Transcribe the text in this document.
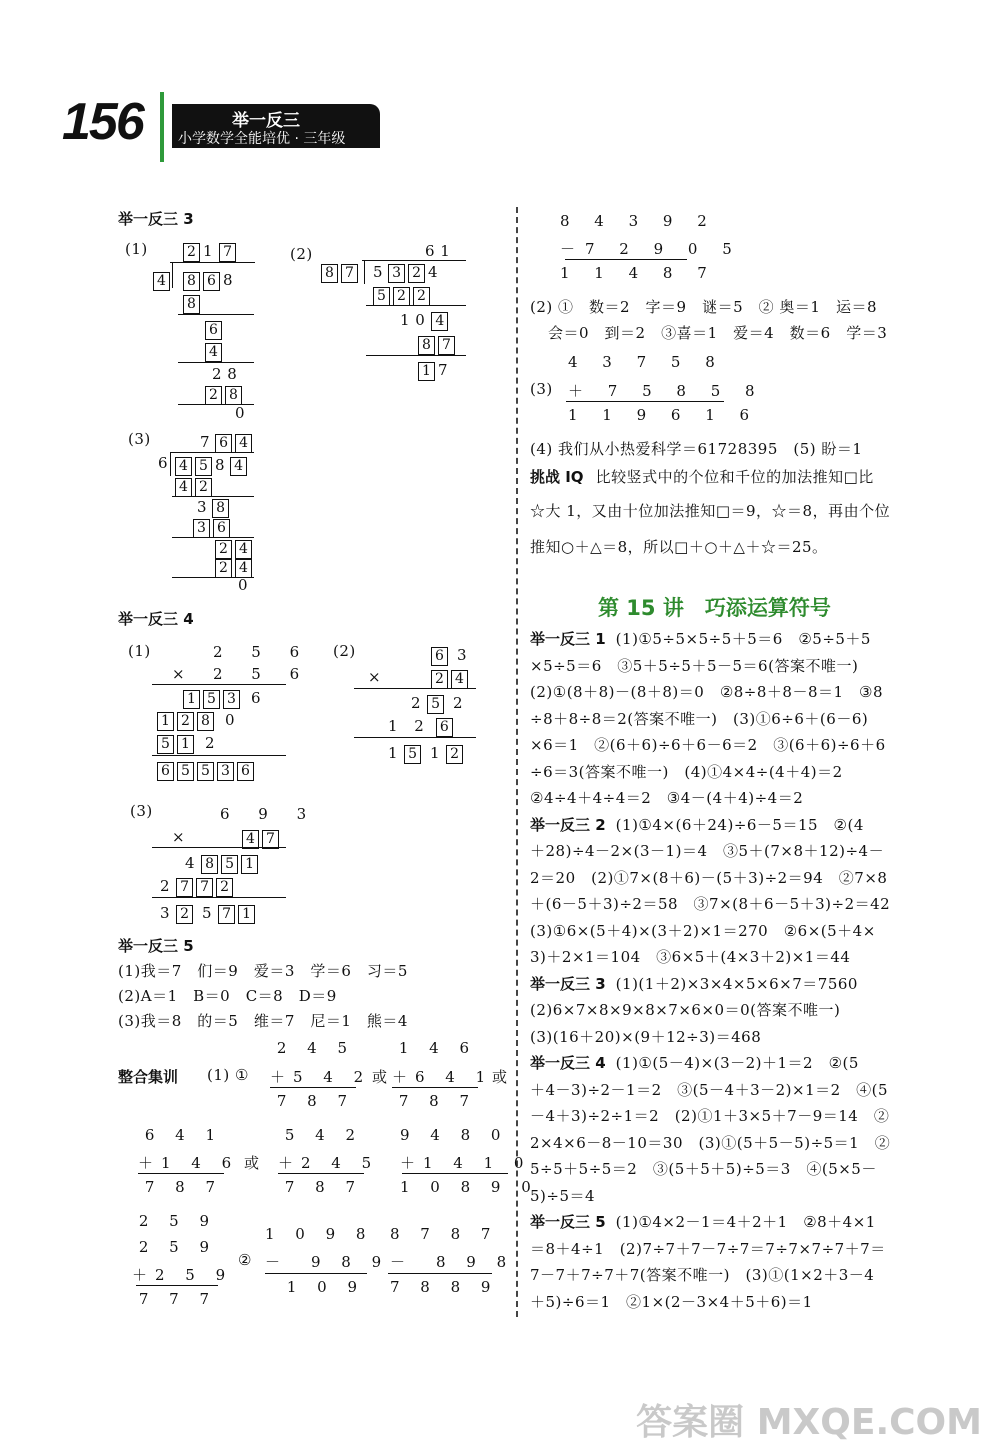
156	举一反三
小学数学全能培优 · 三年级
举一反三 3
(1)	2 1 7
4	8 6 8
8
6
4
2 8
2 8
0
(2)	6 1
8 7	5 3 2 4
5 2 2
1 0 4
8 7
1 7
(3)	7 6 4
6 4 5 8 4
4 2
3 8
3 6
2 4
2 4
0
举一反三 4
(1)	2 5 6
× 2 5 6
1 5 3 6
1 2 8 0
5 1 2
6 5 5 3 6
(2)	6 3
×	2 4
2 5 2
1 2 6
1 5 1 2
(3)	6 9 3
×	4 7
4 8 5 1
2 7 7 2
3 2 5 7 1
举一反三 5
(1)我＝7　们＝9　爱＝3　学＝6　习＝5
(2)A＝1　B＝0　C＝8　D＝9
(3)我＝8　的＝5　维＝7　尼＝1　熊＝4
整合集训 (1) ①
2 4 5
＋5 4 2
7 8 7
或
1 4 6
＋6 4 1
7 8 7
或
6 4 1
＋1 4 6
7 8 7
或
5 4 2
＋2 4 5
7 8 7
9 4 8 0
＋1 4 1 0
1 0 8 9 0
2 5 9
2 5 9
＋2 5 9
7 7 7
②
1 0 9 8
－　9 8 9
1 0 9
8 7 8 7
－　8 9 8
7 8 8 9
8 4 3 9 2
－7 2 9 0 5
1 1 4 8 7
(2) ①　数＝2　字＝9　谜＝5　② 奥＝1　运＝8
会＝0　到＝2　③喜＝1　爱＝4　数＝6　学＝3
(3)
4 3 7 5 8
＋ 7 5 8 5 8
1 1 9 6 1 6
(4) 我们从小热爱科学＝61728395　(5) 盼＝1
挑战 IQ 比较竖式中的个位和千位的加法推知□比
☆大 1，又由十位加法推知□＝9，☆＝8，再由个位
推知○＋△＝8，所以□＋○＋△＋☆＝25。
第 15 讲　巧添运算符号
举一反三 1 (1)①5÷5×5÷5＋5＝6　②5÷5＋5
×5÷5＝6　③5＋5÷5＋5－5＝6(答案不唯一)
(2)①(8＋8)－(8＋8)＝0　②8÷8＋8－8＝1　③8
÷8＋8÷8＝2(答案不唯一)　(3)①6÷6＋(6－6)
×6＝1　②(6＋6)÷6＋6－6＝2　③(6＋6)÷6＋6
÷6＝3(答案不唯一)　(4)①4×4÷(4＋4)＝2
②4÷4＋4÷4＝2　③4－(4＋4)÷4＝2
举一反三 2 (1)①4×(6＋24)÷6－5＝15　②(4
＋28)÷4－2×(3－1)＝4　③5＋(7×8＋12)÷4－
2＝20　(2)①7×(8＋6)－(5＋3)÷2＝94　②7×8
＋(6－5＋3)÷2＝58　③7×(8＋6－5＋3)÷2＝42
(3)①6×(5＋4)×(3＋2)×1＝270　②6×(5＋4×
3)＋2×1＝104　③6×5＋(4×3＋2)×1＝44
举一反三 3 (1)(1＋2)×3×4×5×6×7＝7560
(2)6×7×8×9×8×7×6×0＝0(答案不唯一)
(3)(16＋20)×(9＋12÷3)＝468
举一反三 4 (1)①(5－4)×(3－2)＋1＝2　②(5
＋4－3)÷2－1＝2　③(5－4＋3－2)×1＝2　④(5
－4＋3)÷2÷1＝2　(2)①1＋3×5＋7－9＝14　②
2×4×6－8－10＝30　(3)①(5＋5－5)÷5＝1　②
5÷5＋5÷5＝2　③(5＋5＋5)÷5＝3　④(5×5－
5)÷5＝4
举一反三 5 (1)①4×2－1＝4＋2＋1　②8＋4×1
＝8＋4÷1　(2)7÷7＋7－7÷7＝7÷7×7÷7＋7＝
7－7＋7÷7＋7(答案不唯一)　(3)①(1×2＋3－4
＋5)÷6＝1　②1×(2－3×4＋5＋6)＝1
答案圈 MXQE.COM
